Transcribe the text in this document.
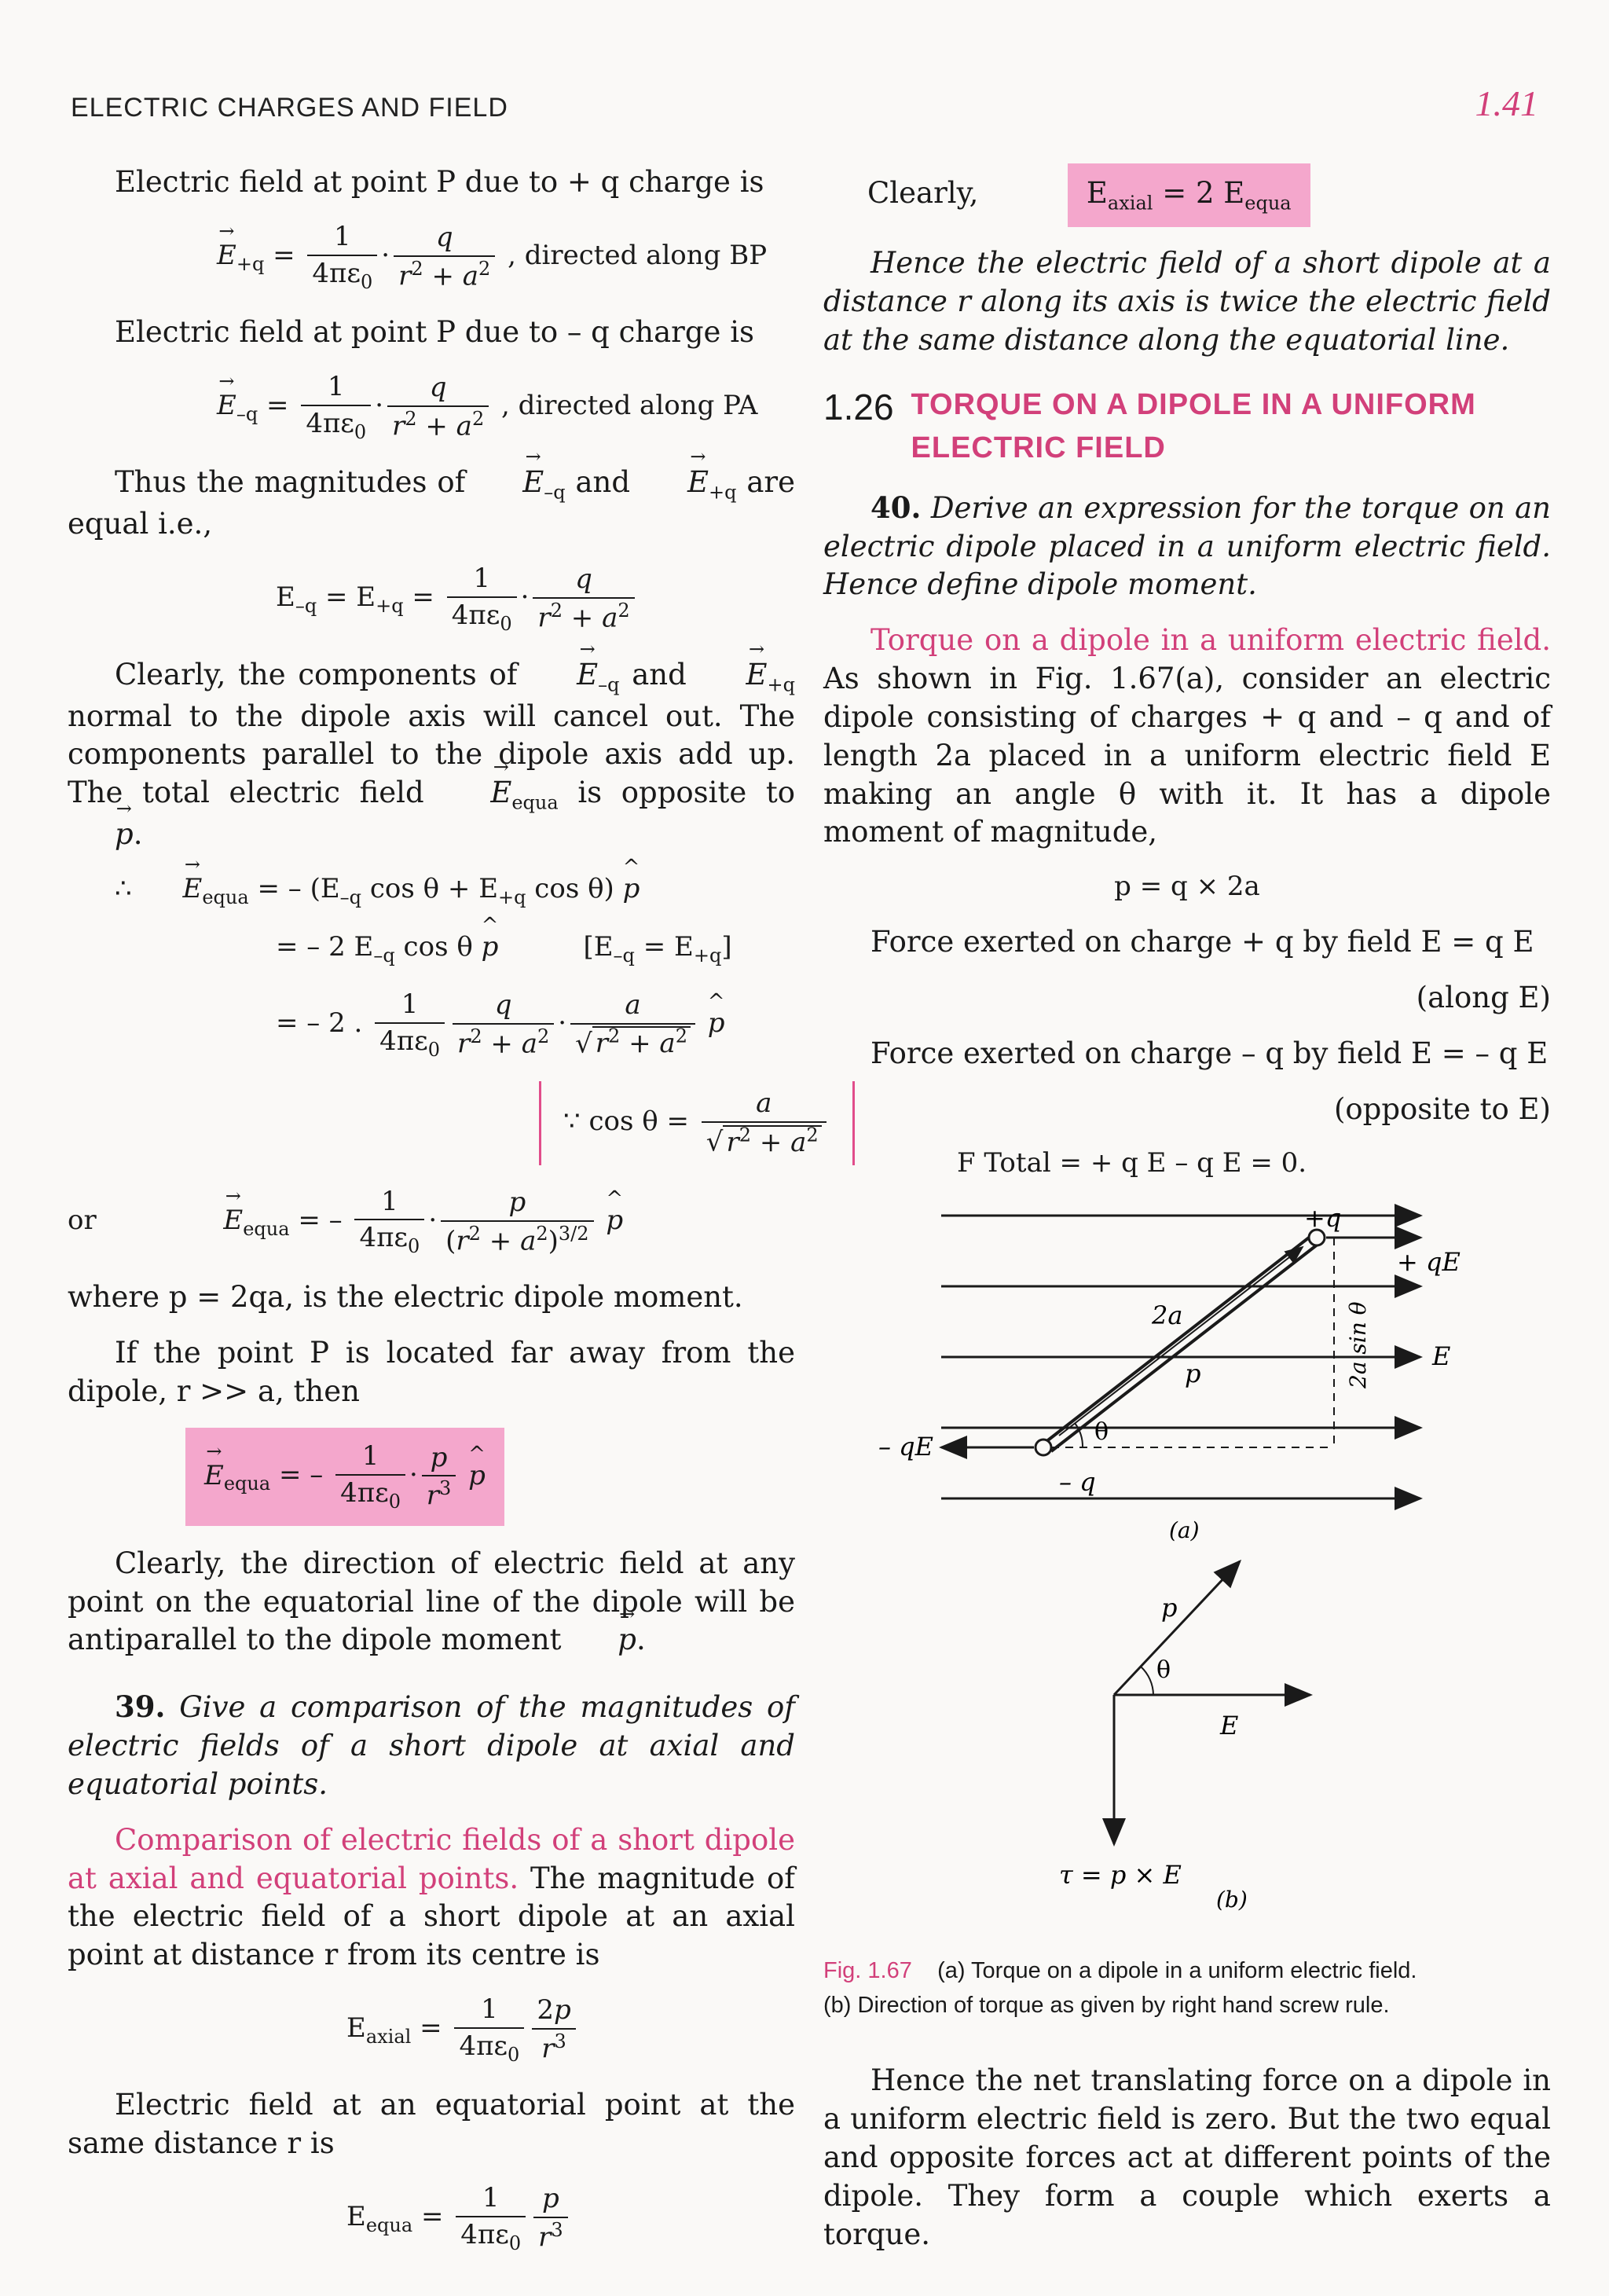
ELECTRIC CHARGES AND FIELD	1.41

Electric field at point P due to + q charge is

→ $E_{+q} = \frac{1}{4\pi\varepsilon_0} \cdot \frac{q}{r^2 + a^2}$ , directed along BP

Electric field at point P due to – q charge is

→ $E_{-q} = \frac{1}{4\pi\varepsilon_0} \cdot \frac{q}{r^2 + a^2}$ , directed along PA

Thus the magnitudes of → $E_{-q}$ and → $E_{+q}$ are equal i.e.,

$E_{-q} = E_{+q} = \frac{1}{4\pi\varepsilon_0} \cdot \frac{q}{r^2 + a^2}$

Clearly, the components of → $E_{-q}$ and → $E_{+q}$ normal to the dipole axis will cancel out. The components parallel to the dipole axis add up. The total electric field → $E_{equa}$ is opposite to → p.

∴ → $E_{equa}$ = – ($E_{-q}$ $\cos \theta + E_{+q}$ cos θ) ^ p
= – 2 $E_{-q}$ cos θ ^ p	$[E_{-q} = E_{+q}]$
= – 2 . $\frac{1}{4\pi\varepsilon_0} \frac{q}{r^2 + a^2} \cdot \frac{a}{√ r^2 + a^2}$ ^ p
∵ $\cos \theta = \frac{a}{√ r^2 + a^2}$
or	→ $E_{equa}$ = – $\frac{1}{4\pi\varepsilon_0} \cdot \frac{p}{(r^2 + a^2)^{3/2}}$ ^ p

where p = 2qa, is the electric dipole moment.

If the point P is located far away from the dipole, r >> a, then

→ $E_{equa}$ = – $\frac{1}{4\pi\varepsilon_0} \cdot \frac{p}{r^3}$ ^ p

Clearly, the direction of electric field at any point on the equatorial line of the dipole will be antiparallel to the dipole moment → p.

39. Give a comparison of the magnitudes of electric fields of a short dipole at axial and equatorial points.

Comparison of electric fields of a short dipole at axial and equatorial points. The magnitude of the electric field of a short dipole at an axial point at distance r from its centre is

$E_{axial} = \frac{1}{4\pi\varepsilon_0} \frac{2p}{r^3}$

Electric field at an equatorial point at the same distance r is

$E_{equa} = \frac{1}{4\pi\varepsilon_0} \frac{p}{r^3}$

Clearly,	$E_{axial} = 2$ $E_{equa}$

Hence the electric field of a short dipole at a distance r along its axis is twice the electric field at the same distance along the equatorial line.

1.26 TORQUE ON A DIPOLE IN A UNIFORM ELECTRIC FIELD

40. Derive an expression for the torque on an electric dipole placed in a uniform electric field. Hence define dipole moment.

Torque on a dipole in a uniform electric field. As shown in Fig. 1.67(a), consider an electric dipole consisting of charges + q and – q and of length 2a placed in a uniform electric field E making an angle θ with it. It has a dipole moment of magnitude,

p = q × 2a

Force exerted on charge + q by field E = q E

(along E)

Force exerted on charge – q by field E = – q E

(opposite to E)

F Total = + q E – q E = 0.
+q
+ qE
– qE
– q
2a
p
E
θ
2a sin θ
(a)
p
θ
E
τ = p × E
(b)
Fig. 1.67 (a) Torque on a dipole in a uniform electric field.
(b) Direction of torque as given by right hand screw rule.

Hence the net translating force on a dipole in a uniform electric field is zero. But the two equal and opposite forces act at different points of the dipole. They form a couple which exerts a torque.
